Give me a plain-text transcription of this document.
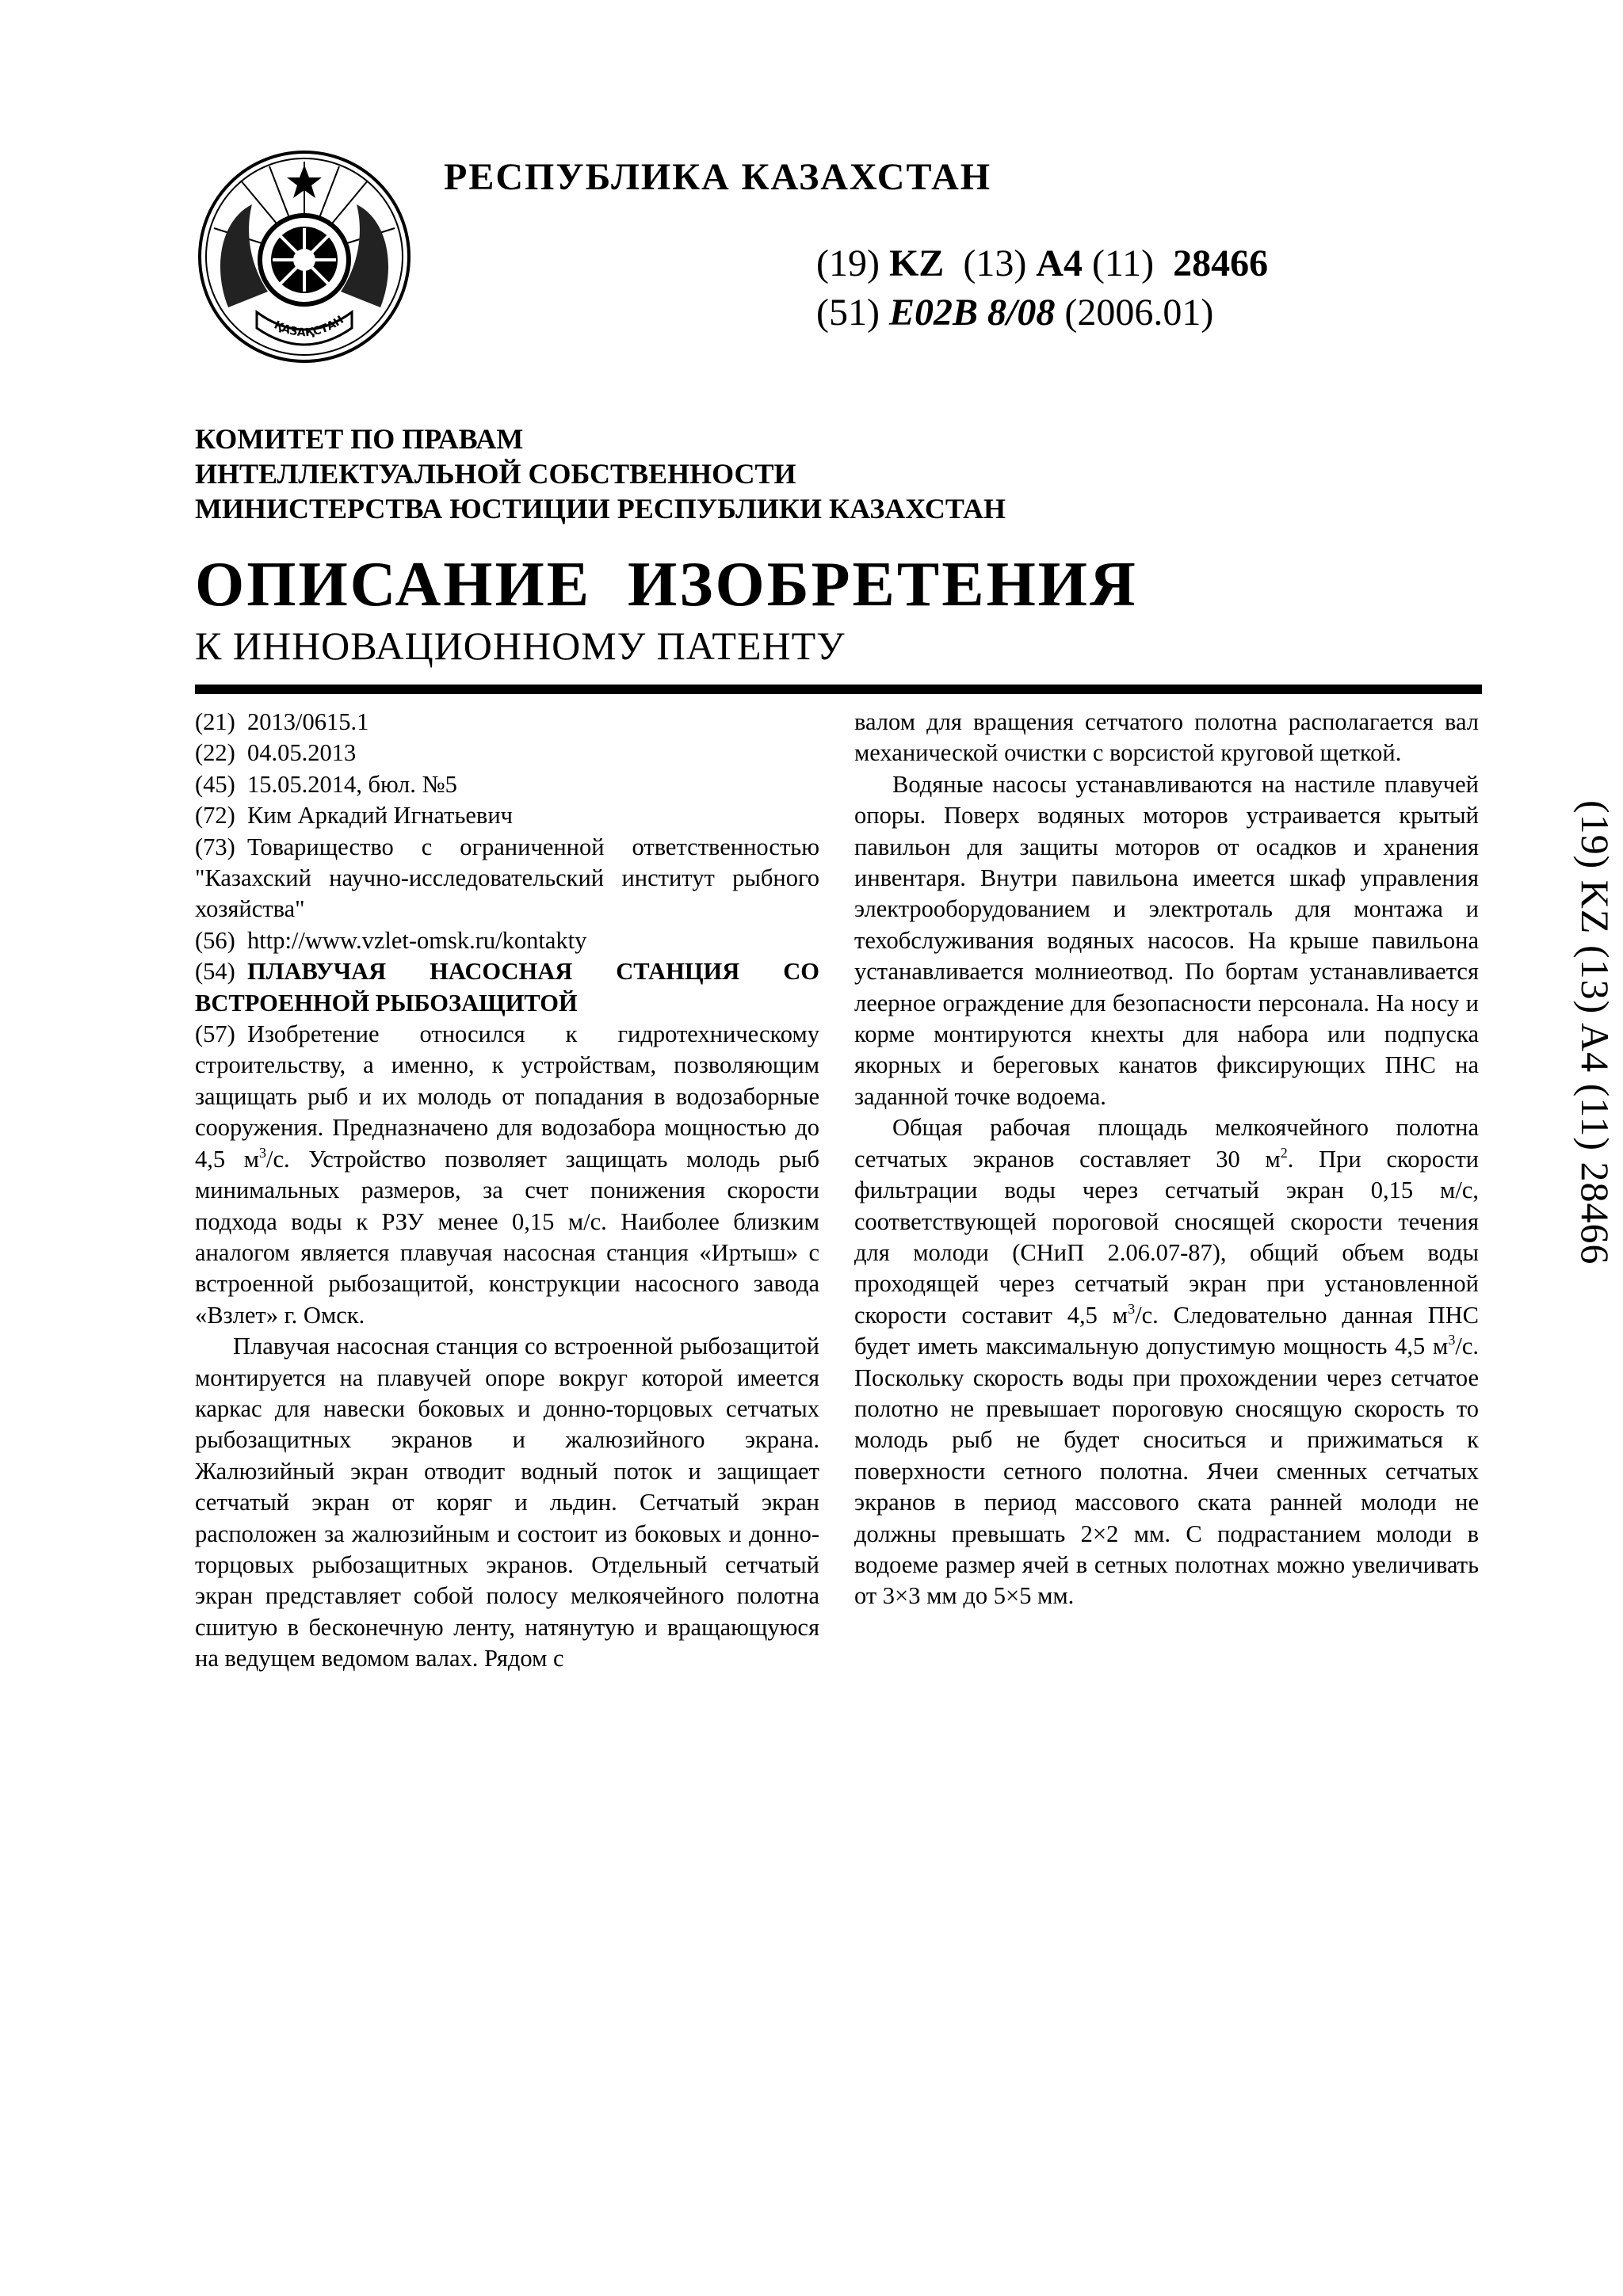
ҚАЗАҚСТАН
РЕСПУБЛИКА КАЗАХСТАН
(19) KZ (13) A4 (11) 28466
(51) E02B 8/08 (2006.01)
КОМИТЕТ ПО ПРАВАМ
ИНТЕЛЛЕКТУАЛЬНОЙ СОБСТВЕННОСТИ
МИНИСТЕРСТВА ЮСТИЦИИ РЕСПУБЛИКИ КАЗАХСТАН
ОПИСАНИЕ  ИЗОБРЕТЕНИЯ
К ИННОВАЦИОННОМУ ПАТЕНТУ
(21) 2013/0615.1
(22) 04.05.2013
(45) 15.05.2014, бюл. №5
(72) Ким Аркадий Игнатьевич

(73) Товарищество с ограниченной ответственностью "Казахский научно-исследовательский институт рыбного хозяйства"

(56) http://www.vzlet-omsk.ru/kontakty

(54) ПЛАВУЧАЯ НАСОСНАЯ СТАНЦИЯ СО ВСТРОЕННОЙ РЫБОЗАЩИТОЙ

(57) Изобретение относился к гидротехническому строительству, а именно, к устройствам, позволяющим защищать рыб и их молодь от попадания в водозаборные сооружения. Предназначено для водозабора мощностью до 4,5 $м^3/с$. Устройство позволяет защищать молодь рыб минимальных размеров, за счет понижения скорости подхода воды к РЗУ менее 0,15 м/с. Наиболее близким аналогом является плавучая насосная станция «Иртыш» с встроенной рыбозащитой, конструкции насосного завода «Взлет» г. Омск.

Плавучая насосная станция со встроенной рыбозащитой монтируется на плавучей опоре вокруг которой имеется каркас для навески боковых и донно-торцовых сетчатых рыбозащитных экранов и жалюзийного экрана. Жалюзийный экран отводит водный поток и защищает сетчатый экран от коряг и льдин. Сетчатый экран расположен за жалюзийным и состоит из боковых и донно-торцовых рыбозащитных экранов. Отдельный сетчатый экран представляет собой полосу мелкоячейного полотна сшитую в бесконечную ленту, натянутую и вращающуюся на ведущем ведомом валах. Рядом с

валом для вращения сетчатого полотна располагается вал механической очистки с ворсистой круговой щеткой.

Водяные насосы устанавливаются на настиле плавучей опоры. Поверх водяных моторов устраивается крытый павильон для защиты моторов от осадков и хранения инвентаря. Внутри павильона имеется шкаф управления электрооборудованием и электроталь для монтажа и техобслуживания водяных насосов. На крыше павильона устанавливается молниеотвод. По бортам устанавливается леерное ограждение для безопасности персонала. На носу и корме монтируются кнехты для набора или подпуска якорных и береговых канатов фиксирующих ПНС на заданной точке водоема.

Общая рабочая площадь мелкоячейного полотна сетчатых экранов составляет 30 $м^2$. При скорости фильтрации воды через сетчатый экран 0,15 м/с, соответствующей пороговой сносящей скорости течения для молоди (СНиП 2.06.07-87), общий объем воды проходящей через сетчатый экран при установленной скорости составит 4,5 $м^3/с$. Следовательно данная ПНС будет иметь максимальную допустимую мощность 4,5 $м^3/с$. Поскольку скорость воды при прохождении через сетчатое полотно не превышает пороговую сносящую скорость то молодь рыб не будет сноситься и прижиматься к поверхности сетного полотна. Ячеи сменных сетчатых экранов в период массового ската ранней молоди не должны превышать 2×2 мм. С подрастанием молоди в водоеме размер ячей в сетных полотнах можно увеличивать от 3×3 мм до 5×5 мм.

(19) KZ (13) A4 (11) 28466
